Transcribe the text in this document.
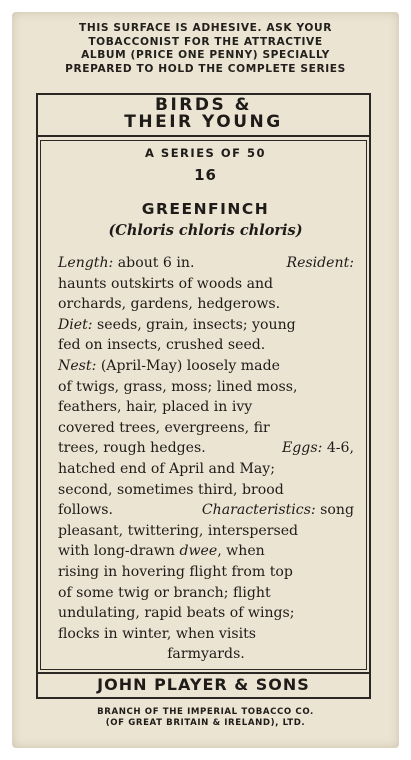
THIS SURFACE IS ADHESIVE. ASK YOUR
TOBACCONIST FOR THE ATTRACTIVE
ALBUM (PRICE ONE PENNY) SPECIALLY
PREPARED TO HOLD THE COMPLETE SERIES
BIRDS &
THEIR YOUNG
A SERIES OF 50
16
GREENFINCH
(Chloris chloris chloris)
Length: about 6 in.	Resident:
haunts outskirts of woods and
orchards, gardens, hedgerows.
Diet: seeds, grain, insects; young
fed on insects, crushed seed.
Nest: (April-May) loosely made
of twigs, grass, moss; lined moss,
feathers, hair, placed in ivy
covered trees, evergreens, fir
trees, rough hedges.	Eggs: 4-6,
hatched end of April and May;
second, sometimes third, brood
follows.	Characteristics: song
pleasant, twittering, interspersed
with long-drawn dwee, when
rising in hovering flight from top
of some twig or branch; flight
undulating, rapid beats of wings;
flocks in winter, when visits
farmyards.
JOHN PLAYER & SONS
BRANCH OF THE IMPERIAL TOBACCO CO.
(OF GREAT BRITAIN & IRELAND), LTD.
